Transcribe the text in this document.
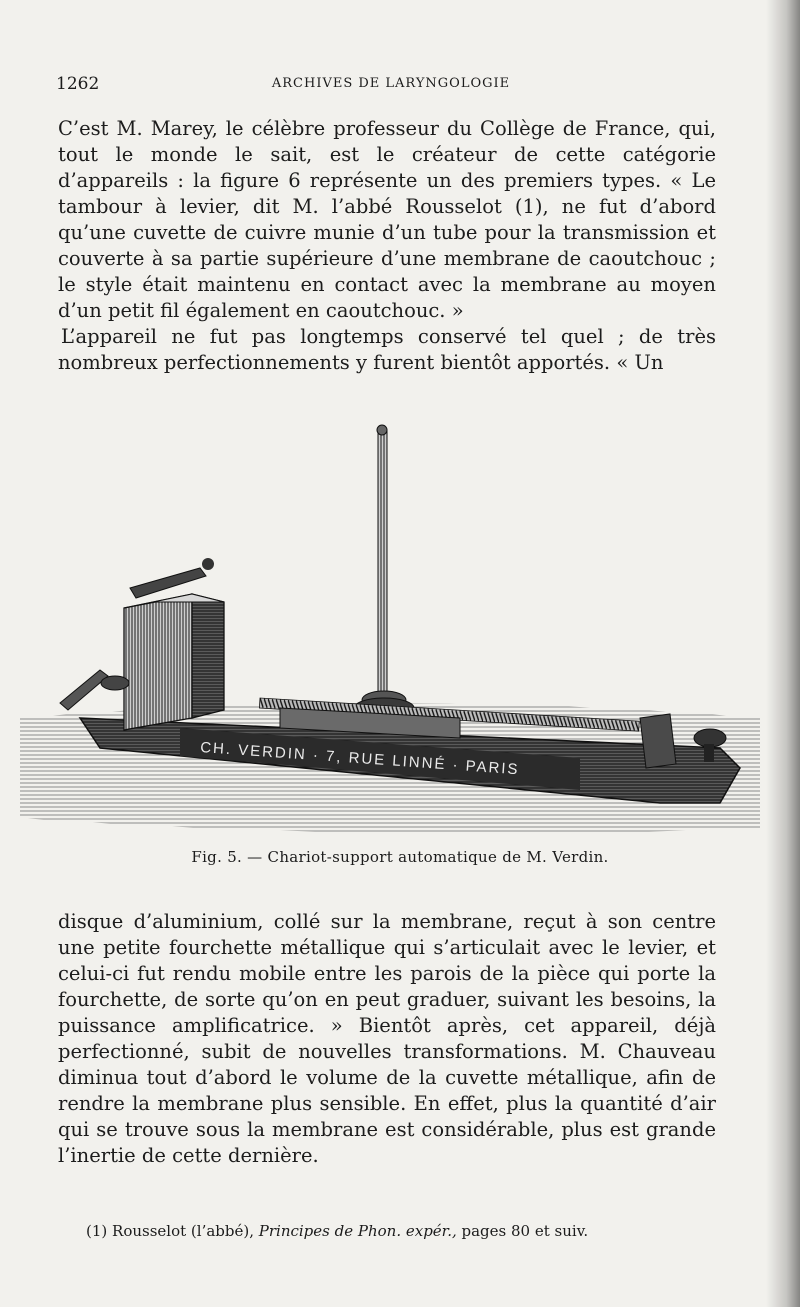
1262	ARCHIVES DE LARYNGOLOGIE

C’est M. Marey, le célèbre professeur du Collège de France, qui, tout le monde le sait, est le créateur de cette catégorie d’appareils : la figure 6 représente un des premiers types. « Le tambour à levier, dit M. l’abbé Rousselot (1), ne fut d’abord qu’une cuvette de cuivre munie d’un tube pour la transmission et couverte à sa partie supérieure d’une membrane de caoutchouc ; le style était maintenu en contact avec la membrane au moyen d’un petit fil également en caoutchouc. »

L’appareil ne fut pas longtemps conservé tel quel ; de très nombreux perfectionnements y furent bientôt apportés. « Un

CH. VERDIN · 7, RUE LINNÉ · PARIS
Fig. 5. — Chariot-support automatique de M. Verdin.

disque d’aluminium, collé sur la membrane, reçut à son centre une petite fourchette métallique qui s’articulait avec le levier, et celui-ci fut rendu mobile entre les parois de la pièce qui porte la fourchette, de sorte qu’on en peut graduer, suivant les besoins, la puissance amplificatrice. » Bientôt après, cet appareil, déjà perfectionné, subit de nouvelles transformations. M. Chauveau diminua tout d’abord le volume de la cuvette métallique, afin de rendre la membrane plus sensible. En effet, plus la quantité d’air qui se trouve sous la membrane est considérable, plus est grande l’inertie de cette dernière.

(1) Rousselot (l’abbé), Principes de Phon. expér., pages 80 et suiv.
